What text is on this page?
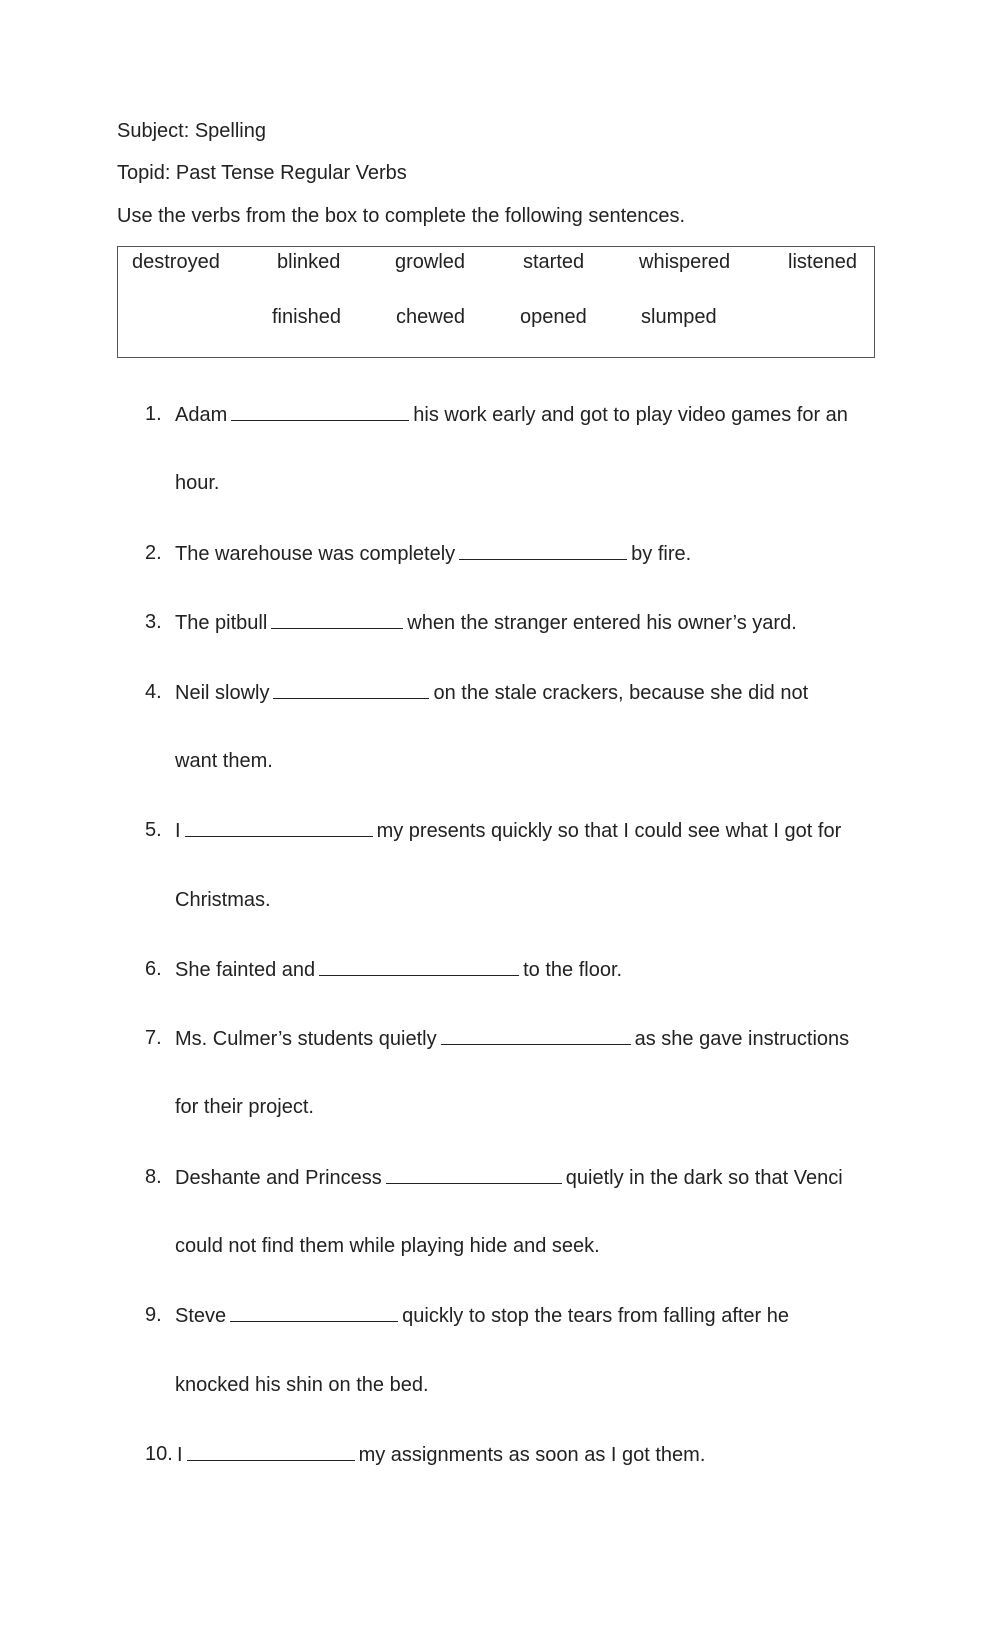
Subject: Spelling
Topid: Past Tense Regular Verbs
Use the verbs from the box to complete the following sentences.
destroyed	blinked	growled	started	whispered	listened
finished	chewed	opened	slumped
1. Adam	his work early and got to play video games for an
hour.
2. The warehouse was completely	by fire.
3. The pitbull	when the stranger entered his owner’s yard.
4. Neil slowly	on the stale crackers, because she did not
want them.
5. I	my presents quickly so that I could see what I got for
Christmas.
6. She fainted and	to the floor.
7. Ms. Culmer’s students quietly	as she gave instructions
for their project.
8. Deshante and Princess	quietly in the dark so that Venci
could not find them while playing hide and seek.
9. Steve	quickly to stop the tears from falling after he
knocked his shin on the bed.
10. I	my assignments as soon as I got them.
